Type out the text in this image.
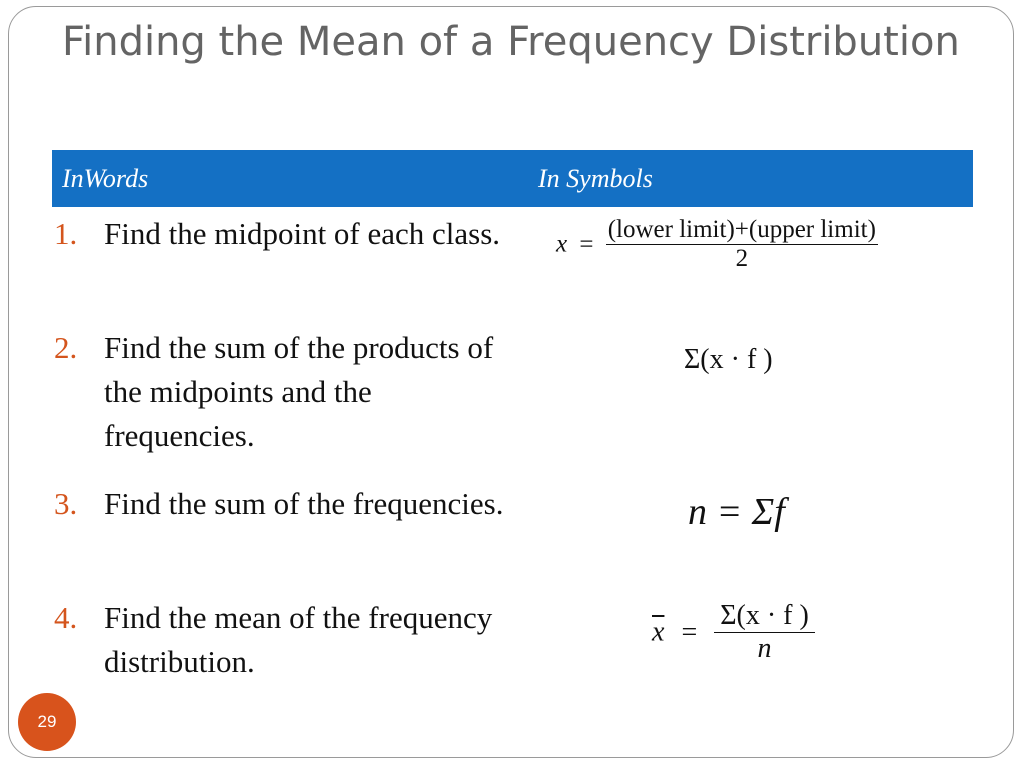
Finding the Mean of a Frequency Distribution
InWords	In Symbols
1. Find the midpoint of each class.
2. Find the sum of the products of the midpoints and the frequencies.
3. Find the sum of the frequencies.
4. Find the mean of the frequency distribution.
$x = \frac{\text{(lower limit)+(upper limit)}}{2}$
Σ(x · f )
n = Σf
$\overline{x} = \frac{\Sigma(x \cdot f )}{n}$
29
